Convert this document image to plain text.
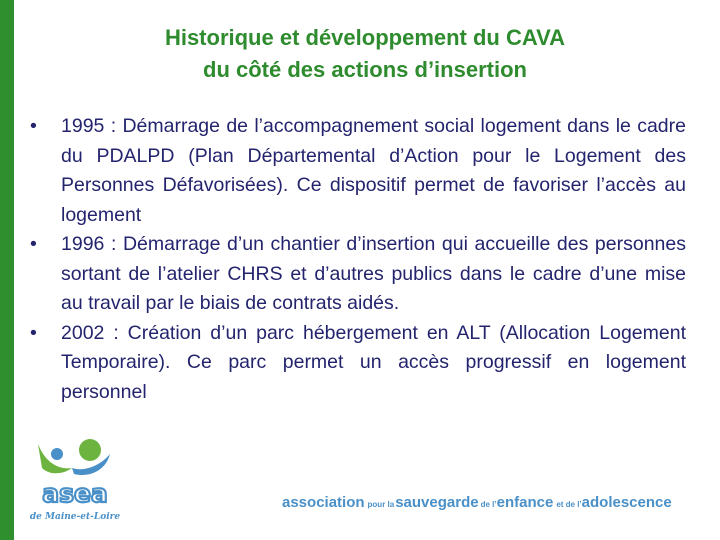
Historique et développement du CAVA
du côté des actions d’insertion
• 1995 : Démarrage de l’accompagnement social logement dans le cadre du PDALPD (Plan Départemental d’Action pour le Logement des Personnes Défavorisées). Ce dispositif permet de favoriser l’accès au logement
• 1996 : Démarrage d’un chantier d’insertion qui accueille des personnes sortant de l’atelier CHRS et d’autres publics dans le cadre d’une mise au travail par le biais de contrats aidés.
• 2002 : Création d’un parc hébergement en ALT (Allocation Logement Temporaire). Ce parc permet un accès progressif en logement personnel
asea
de Maine-et-Loire
association pour lasauvegarde de l’enfance et de l’adolescence
